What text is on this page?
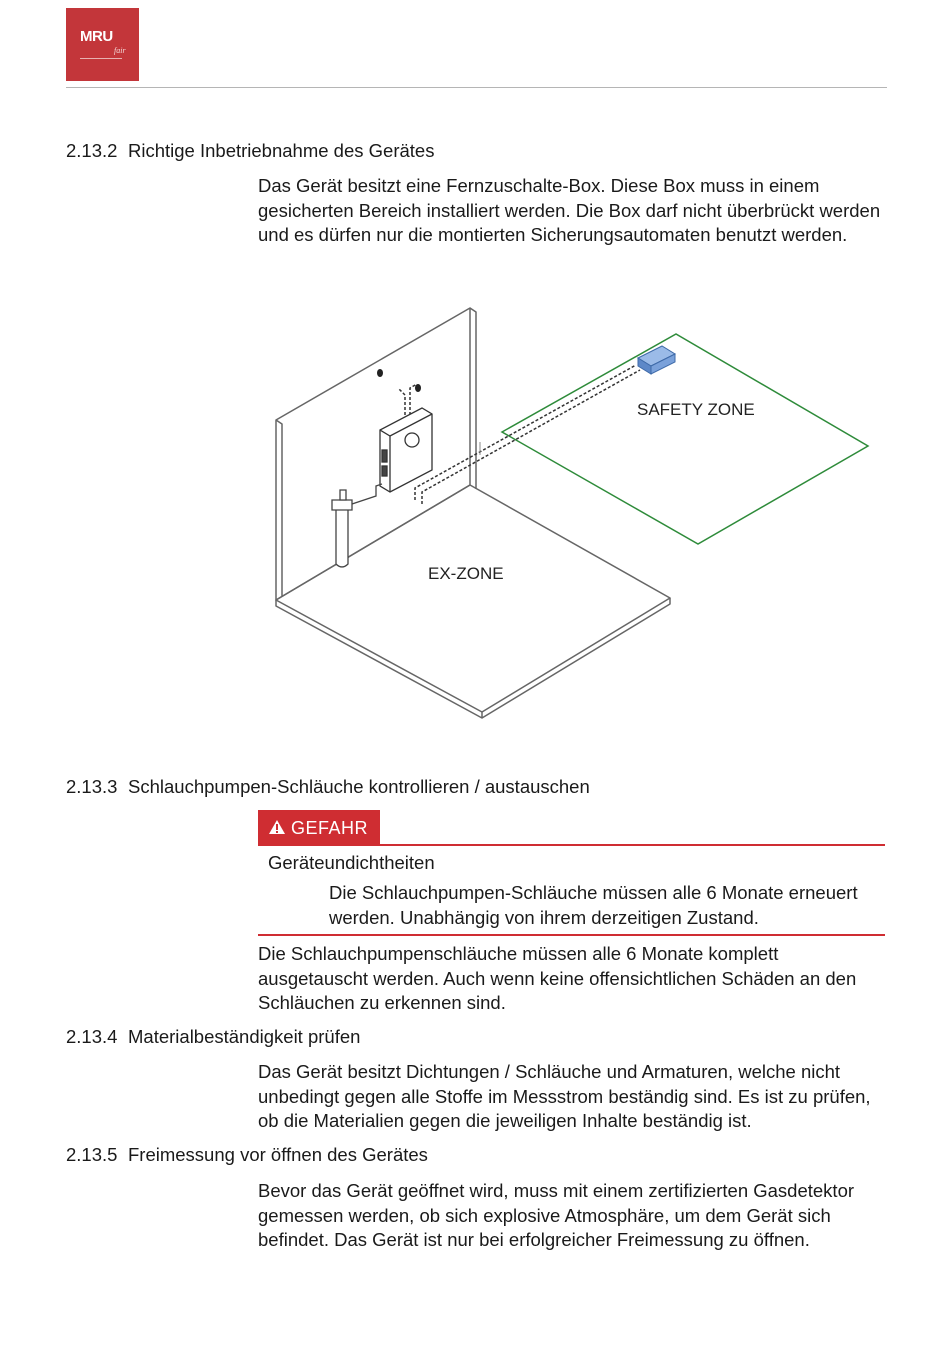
MRU
fair
2.13.2 Richtige Inbetriebnahme des Gerätes

Das Gerät besitzt eine Fernzuschalte-Box. Diese Box muss in einem gesicherten Bereich installiert werden. Die Box darf nicht überbrückt werden und es dürfen nur die montierten Sicherungsautomaten benutzt werden.

SAFETY ZONE
EX-ZONE
2.13.3 Schlauchpumpen-Schläuche kontrollieren / austauschen
GEFAHR
Geräteundichtheiten

Die Schlauchpumpen-Schläuche müssen alle 6 Monate erneuert werden. Unabhängig von ihrem derzeitigen Zustand.

Die Schlauchpumpenschläuche müssen alle 6 Monate komplett ausgetauscht werden. Auch wenn keine offensichtlichen Schäden an den Schläuchen zu erkennen sind.

2.13.4 Materialbeständigkeit prüfen

Das Gerät besitzt Dichtungen / Schläuche und Armaturen, welche nicht unbedingt gegen alle Stoffe im Messstrom beständig sind. Es ist zu prüfen, ob die Materialien gegen die jeweiligen Inhalte beständig ist.

2.13.5 Freimessung vor öffnen des Gerätes

Bevor das Gerät geöffnet wird, muss mit einem zertifizierten Gasdetektor gemessen werden, ob sich explosive Atmosphäre, um dem Gerät sich befindet. Das Gerät ist nur bei erfolgreicher Freimessung zu öffnen.
